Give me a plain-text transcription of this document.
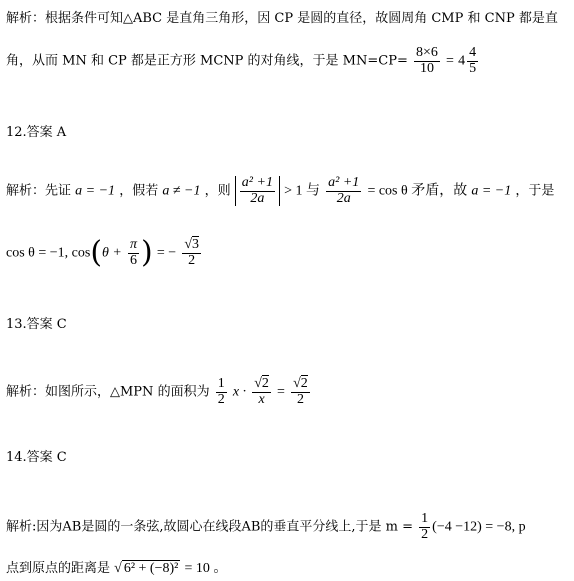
解析：根据条件可知△ABC 是直角三角形，因 CP 是圆的直径，故圆周角 CMP 和 CNP 都是直
角，从而 MN 和 CP 都是正方形 MCNP 的对角线，于是 $MN=CP= \frac{8\times 6}{10} = 4 \frac{4}{5}$
12.答案 A
解析：先证 a = −1 ，假若 a ≠ −1 ，则 $\frac{\text{a² +1}}{2a} > 1$ 与 $\frac{\text{a² +1}}{2a} = \cos \theta$ 矛盾，故 a = −1 ，于是
cos θ = −1, $\cos(\theta + \frac{\pi}{6}$ ) = − $\frac{√3}{2}$
13.答案 C
解析：如图所示，△MPN 的面积为 $\frac{1}{2}$ $x \cdot \frac{√2}{x} = \frac{√2}{2}$
14.答案 C
解析:因为AB是圆的一条弦,故圆心在线段AB的垂直平分线上,于是 $m = \frac{1}{2} (-4 -12) = -8$, p
点到原点的距离是 √ 6² + (−8)² = 10 。
